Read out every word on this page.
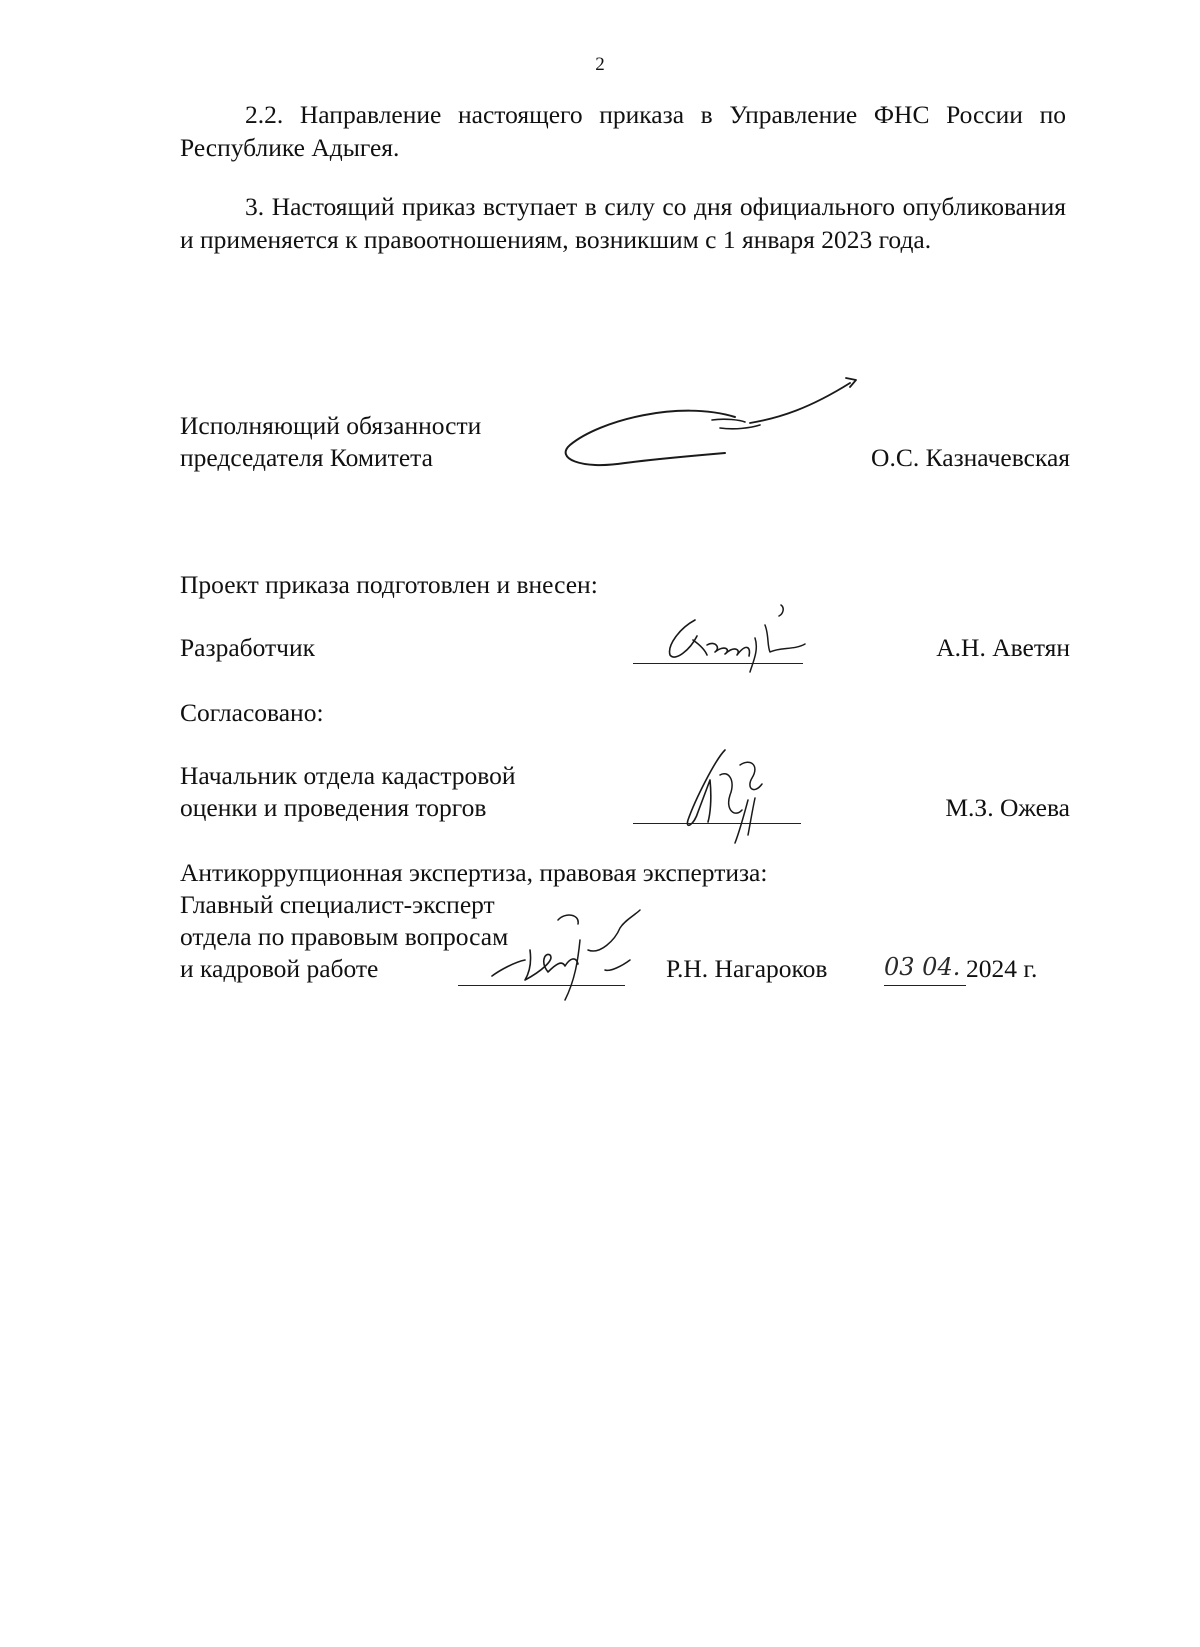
2
2.2. Направление настоящего приказа в Управление ФНС России по Республике Адыгея.
3. Настоящий приказ вступает в силу со дня официального опубликования и применяется к правоотношениям, возникшим с 1 января 2023 года.
Исполняющий обязанности
председателя Комитета	О.С. Казначевская
Проект приказа подготовлен и внесен:
Разработчик	А.Н. Аветян
Согласовано:
Начальник отдела кадастровой
оценки и проведения торгов	М.З. Ожева
Антикоррупционная экспертиза, правовая экспертиза:
Главный специалист-эксперт
отдела по правовым вопросам
и кадровой работе	Р.Н. Нагароков 03 04. 2024 г.
